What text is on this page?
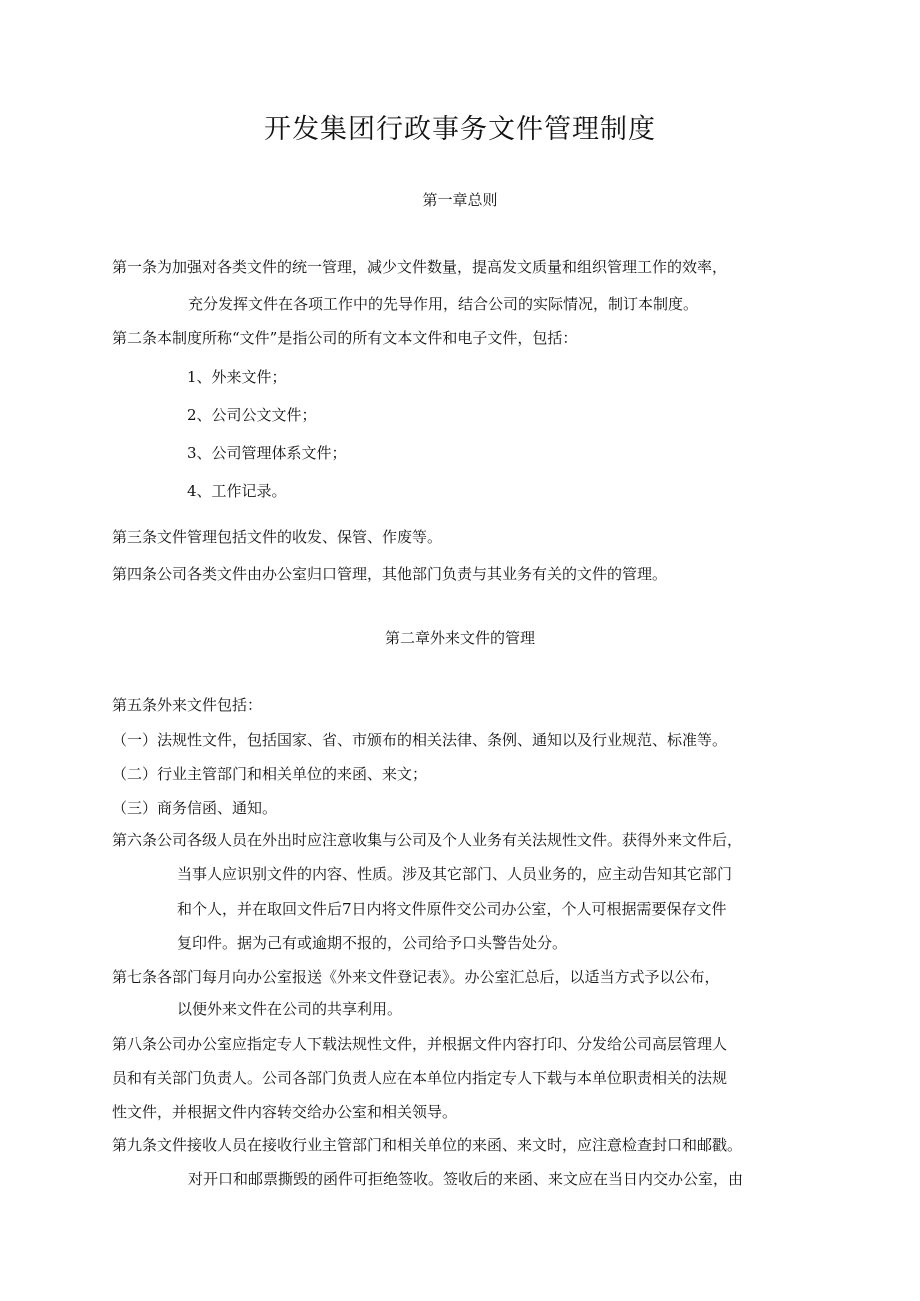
开发集团行政事务文件管理制度
第一章总则
第一条为加强对各类文件的统一管理，减少文件数量，提高发文质量和组织管理工作的效率，
充分发挥文件在各项工作中的先导作用，结合公司的实际情况，制订本制度。
第二条本制度所称“文件”是指公司的所有文本文件和电子文件，包括：
1、外来文件；
2、公司公文文件；
3、公司管理体系文件；
4、工作记录。
第三条文件管理包括文件的收发、保管、作废等。
第四条公司各类文件由办公室归口管理，其他部门负责与其业务有关的文件的管理。
第二章外来文件的管理
第五条外来文件包括：
（一）法规性文件，包括国家、省、市颁布的相关法律、条例、通知以及行业规范、标准等。
（二）行业主管部门和相关单位的来函、来文；
（三）商务信函、通知。
第六条公司各级人员在外出时应注意收集与公司及个人业务有关法规性文件。获得外来文件后，
当事人应识别文件的内容、性质。涉及其它部门、人员业务的，应主动告知其它部门
和个人，并在取回文件后7日内将文件原件交公司办公室，个人可根据需要保存文件
复印件。据为己有或逾期不报的，公司给予口头警告处分。
第七条各部门每月向办公室报送《外来文件登记表》。办公室汇总后，以适当方式予以公布，
以便外来文件在公司的共享利用。
第八条公司办公室应指定专人下载法规性文件，并根据文件内容打印、分发给公司高层管理人
员和有关部门负责人。公司各部门负责人应在本单位内指定专人下载与本单位职责相关的法规
性文件，并根据文件内容转交给办公室和相关领导。
第九条文件接收人员在接收行业主管部门和相关单位的来函、来文时，应注意检查封口和邮戳。
对开口和邮票撕毁的函件可拒绝签收。签收后的来函、来文应在当日内交办公室，由
